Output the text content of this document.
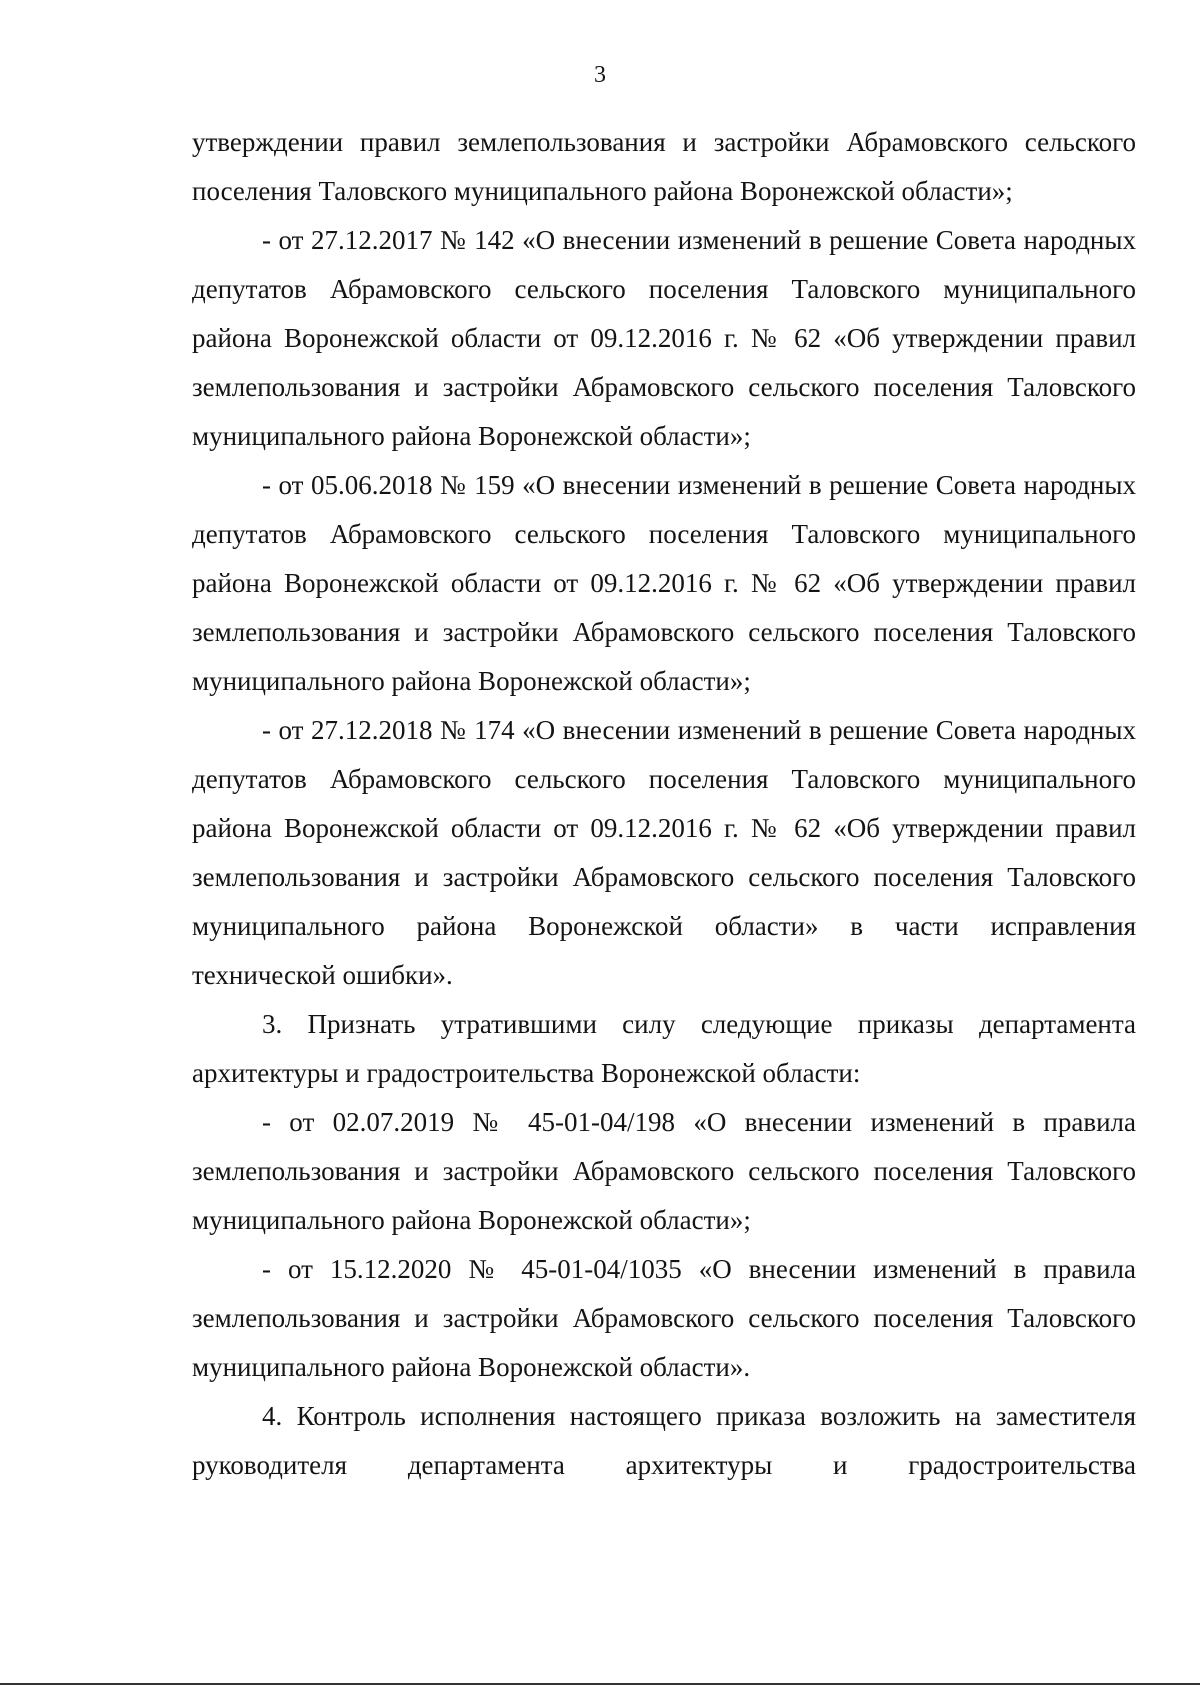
3

утверждении правил землепользования и застройки Абрамовского сельского поселения Таловского муниципального района Воронежской области»;

- от 27.12.2017 № 142 «О внесении изменений в решение Совета народных депутатов Абрамовского сельского поселения Таловского муниципального района Воронежской области от 09.12.2016 г. № 62 «Об утверждении правил землепользования и застройки Абрамовского сельского поселения Таловского муниципального района Воронежской области»;

- от 05.06.2018 № 159 «О внесении изменений в решение Совета народных депутатов Абрамовского сельского поселения Таловского муниципального района Воронежской области от 09.12.2016 г. № 62 «Об утверждении правил землепользования и застройки Абрамовского сельского поселения Таловского муниципального района Воронежской области»;

- от 27.12.2018 № 174 «О внесении изменений в решение Совета народных депутатов Абрамовского сельского поселения Таловского муниципального района Воронежской области от 09.12.2016 г. № 62 «Об утверждении правил землепользования и застройки Абрамовского сельского поселения Таловского муниципального района Воронежской области» в части исправления технической ошибки».

3. Признать утратившими силу следующие приказы департамента архитектуры и градостроительства Воронежской области:

- от 02.07.2019 № 45-01-04/198 «О внесении изменений в правила землепользования и застройки Абрамовского сельского поселения Таловского муниципального района Воронежской области»;

- от 15.12.2020 № 45-01-04/1035 «О внесении изменений в правила землепользования и застройки Абрамовского сельского поселения Таловского муниципального района Воронежской области».

4. Контроль исполнения настоящего приказа возложить на заместителя руководителя департамента архитектуры и градостроительства
